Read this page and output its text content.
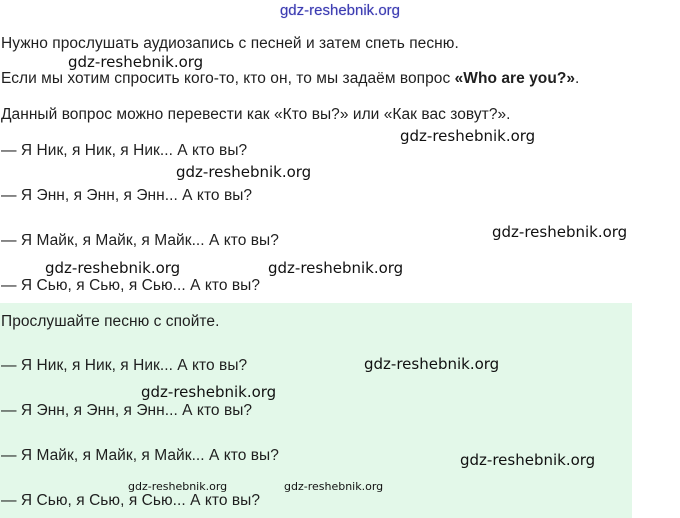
gdz-reshebnik.org
Нужно прослушать аудиозапись с песней и затем спеть песню.
Если мы хотим спросить кого-то, кто он, то мы задаём вопрос «Who are you?».
Данный вопрос можно перевести как «Кто вы?» или «Как вас зовут?».
— Я Ник, я Ник, я Ник... А кто вы?
— Я Энн, я Энн, я Энн... А кто вы?
— Я Майк, я Майк, я Майк... А кто вы?
— Я Сью, я Сью, я Сью... А кто вы?
Прослушайте песню с спойте.
— Я Ник, я Ник, я Ник... А кто вы?
— Я Энн, я Энн, я Энн... А кто вы?
— Я Майк, я Майк, я Майк... А кто вы?
— Я Сью, я Сью, я Сью... А кто вы?
gdz-reshebnik.org
gdz-reshebnik.org
gdz-reshebnik.org
gdz-reshebnik.org
gdz-reshebnik.org	gdz-reshebnik.org
gdz-reshebnik.org
gdz-reshebnik.org
gdz-reshebnik.org
gdz-reshebnik.org	gdz-reshebnik.org
